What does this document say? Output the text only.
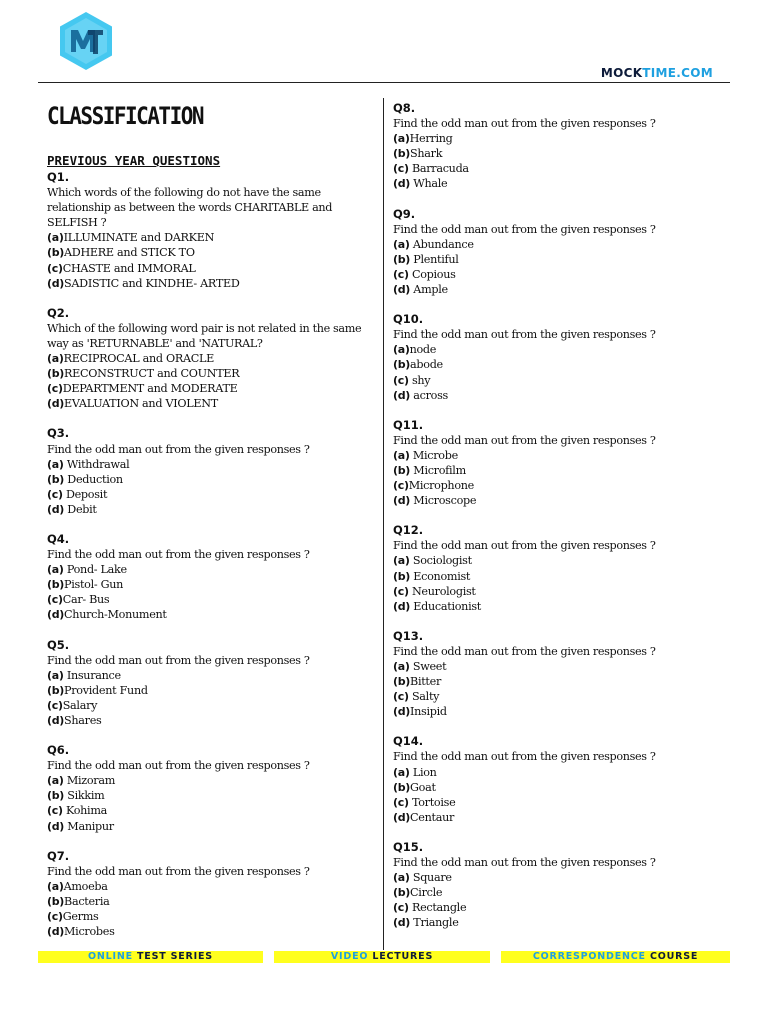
MOCKTIME.COM
CLASSIFICATION
PREVIOUS YEAR QUESTIONS
Q1.
Which words of the following do not have the same relationship as between the words CHARITABLE and SELFISH ?
(a)ILLUMINATE and DARKEN
(b)ADHERE and STICK TO
(c)CHASTE and IMMORAL
(d)SADISTIC and KINDHE- ARTED
Q2.
Which of the following word pair is not related in the same way as 'RETURNABLE' and 'NATURAL?
(a)RECIPROCAL and ORACLE
(b)RECONSTRUCT and COUNTER
(c)DEPARTMENT and MODERATE
(d)EVALUATION and VIOLENT
Q3.
Find the odd man out from the given responses ?
(a) Withdrawal
(b) Deduction
(c) Deposit
(d) Debit
Q4.
Find the odd man out from the given responses ?
(a) Pond- Lake
(b)Pistol- Gun
(c)Car- Bus
(d)Church-Monument
Q5.
Find the odd man out from the given responses ?
(a) Insurance
(b)Provident Fund
(c)Salary
(d)Shares
Q6.
Find the odd man out from the given responses ?
(a) Mizoram
(b) Sikkim
(c) Kohima
(d) Manipur
Q7.
Find the odd man out from the given responses ?
(a)Amoeba
(b)Bacteria
(c)Germs
(d)Microbes
Q8.
Find the odd man out from the given responses ?
(a)Herring
(b)Shark
(c) Barracuda
(d) Whale
Q9.
Find the odd man out from the given responses ?
(a) Abundance
(b) Plentiful
(c) Copious
(d) Ample
Q10.
Find the odd man out from the given responses ?
(a)node
(b)abode
(c) shy
(d) across
Q11.
Find the odd man out from the given responses ?
(a) Microbe
(b) Microfilm
(c)Microphone
(d) Microscope
Q12.
Find the odd man out from the given responses ?
(a) Sociologist
(b) Economist
(c) Neurologist
(d) Educationist
Q13.
Find the odd man out from the given responses ?
(a) Sweet
(b)Bitter
(c) Salty
(d)Insipid
Q14.
Find the odd man out from the given responses ?
(a) Lion
(b)Goat
(c) Tortoise
(d)Centaur
Q15.
Find the odd man out from the given responses ?
(a) Square
(b)Circle
(c) Rectangle
(d) Triangle
ONLINE TEST SERIES	VIDEO LECTURES	CORRESPONDENCE COURSE
